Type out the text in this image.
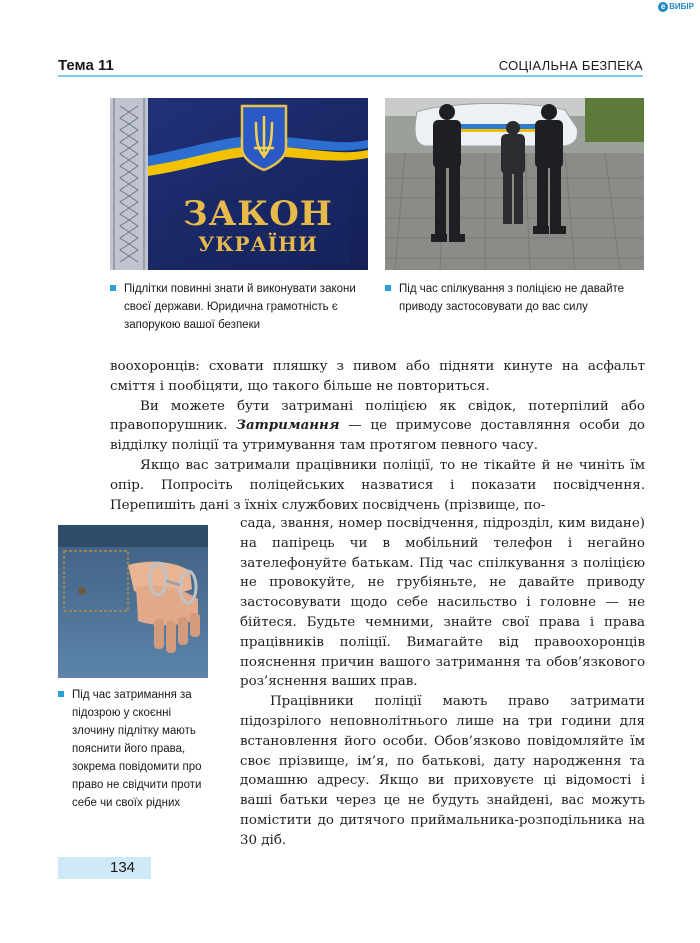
e ВИБІР
Тема 11	СОЦІАЛЬНА БЕЗПЕКА
ЗАКОН
УКРАЇНИ
Підлітки повинні знати й виконувати закони своєї держави. Юридична грамотність є запорукою вашої безпеки
Під час спілкування з поліцією не давайте приводу застосовувати до вас силу
Під час затримання за підозрою у скоєнні злочину підлітку мають пояснити його права, зокрема повідомити про право не свідчити проти себе чи своїх рідних

воохоронців: сховати пляшку з пивом або підняти кинуте на асфальт сміття і пообіцяти, що такого більше не повториться.

Ви можете бути затримані поліцією як свідок, потерпілий або правопорушник. Затримання — це примусове доставляння особи до відділку поліції та утримування там протягом певного часу.

Якщо вас затримали працівники поліції, то не тікайте й не чиніть їм опір. Попросіть поліцейських назватися і показати посвідчення. Перепишіть дані з їхніх службових посвідчень (прізвище, по-

сада, звання, номер посвідчення, підрозділ, ким видане) на папірець чи в мобільний телефон і негайно зателефонуйте батькам. Під час спілкування з поліцією не провокуйте, не грубіяньте, не давайте приводу застосовувати щодо себе насильство і головне — не бійтеся. Будьте чемними, знайте свої права і права працівників поліції. Вимагайте від правоохоронців пояснення причин вашого затримання та обов’язкового роз’яснення ваших прав.

Працівники поліції мають право затримати підозрілого неповнолітнього лише на три години для встановлення його особи. Обов’язково повідомляйте їм своє прізвище, ім’я, по батькові, дату народження та домашню адресу. Якщо ви приховуєте ці відомості і ваші батьки через це не будуть знайдені, вас можуть помістити до дитячого приймальника-розподільника на 30 діб.

134
